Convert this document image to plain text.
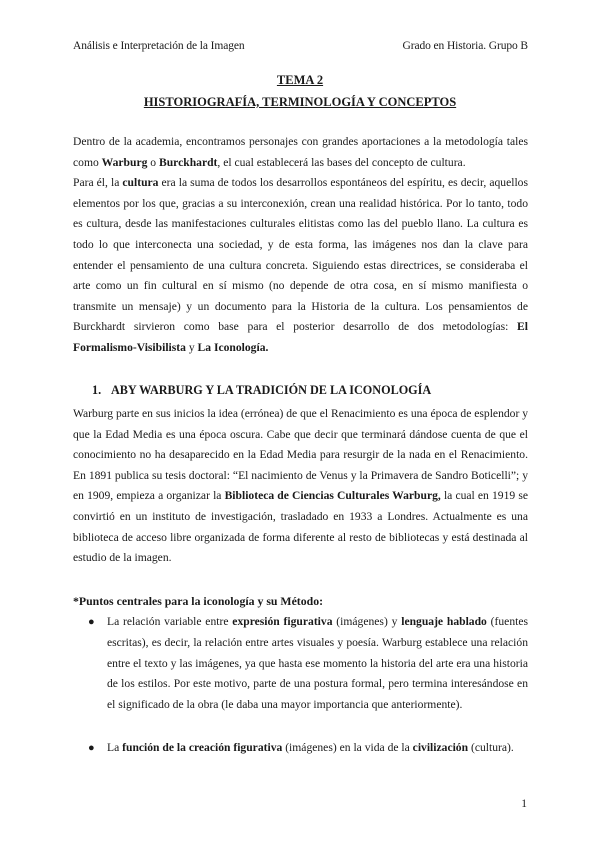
Análisis e Interpretación de la Imagen	Grado en Historia. Grupo B
TEMA 2
HISTORIOGRAFÍA, TERMINOLOGÍA Y CONCEPTOS
Dentro de la academia, encontramos personajes con grandes aportaciones a la metodología tales como Warburg o Burckhardt, el cual establecerá las bases del concepto de cultura.
Para él, la cultura era la suma de todos los desarrollos espontáneos del espíritu, es decir, aquellos elementos por los que, gracias a su interconexión, crean una realidad histórica. Por lo tanto, todo es cultura, desde las manifestaciones culturales elitistas como las del pueblo llano. La cultura es todo lo que interconecta una sociedad, y de esta forma, las imágenes nos dan la clave para entender el pensamiento de una cultura concreta. Siguiendo estas directrices, se consideraba el arte como un fin cultural en sí mismo (no depende de otra cosa, en sí mismo manifiesta o transmite un mensaje) y un documento para la Historia de la cultura. Los pensamientos de Burckhardt sirvieron como base para el posterior desarrollo de dos metodologías: El Formalismo-Visibilista y La Iconología.
1. ABY WARBURG Y LA TRADICIÓN DE LA ICONOLOGÍA
Warburg parte en sus inicios la idea (errónea) de que el Renacimiento es una época de esplendor y que la Edad Media es una época oscura. Cabe que decir que terminará dándose cuenta de que el conocimiento no ha desaparecido en la Edad Media para resurgir de la nada en el Renacimiento. En 1891 publica su tesis doctoral: “El nacimiento de Venus y la Primavera de Sandro Boticelli”; y en 1909, empieza a organizar la Biblioteca de Ciencias Culturales Warburg, la cual en 1919 se convirtió en un instituto de investigación, trasladado en 1933 a Londres. Actualmente es una biblioteca de acceso libre organizada de forma diferente al resto de bibliotecas y está destinada al estudio de la imagen.
*Puntos centrales para la iconología y su Método:
● La relación variable entre expresión figurativa (imágenes) y lenguaje hablado (fuentes escritas), es decir, la relación entre artes visuales y poesía. Warburg establece una relación entre el texto y las imágenes, ya que hasta ese momento la historia del arte era una historia de los estilos. Por este motivo, parte de una postura formal, pero termina interesándose en el significado de la obra (le daba una mayor importancia que anteriormente).
● La función de la creación figurativa (imágenes) en la vida de la civilización (cultura).
1
